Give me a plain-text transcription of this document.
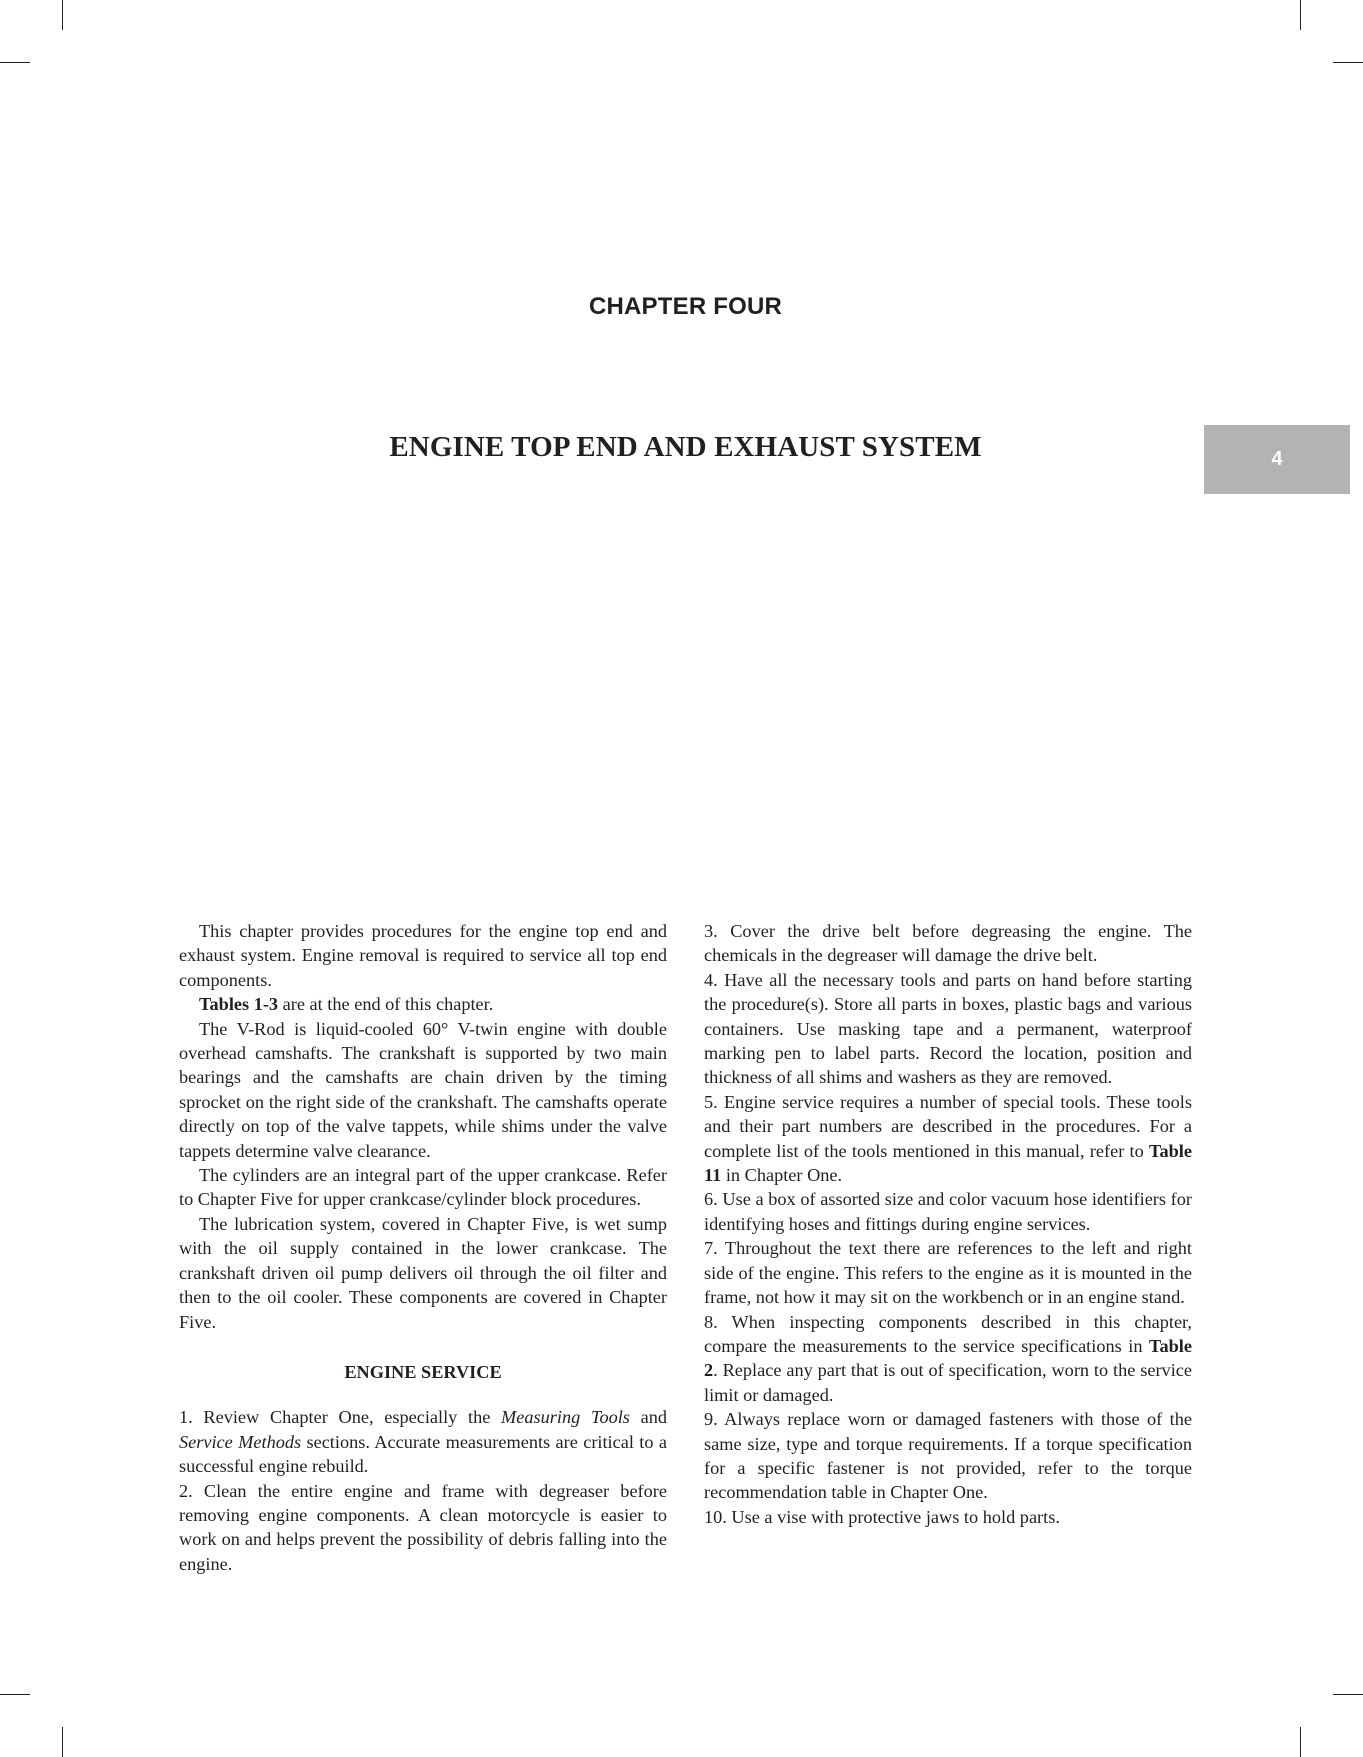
CHAPTER FOUR
ENGINE TOP END AND EXHAUST SYSTEM	4

This chapter provides procedures for the engine top end and exhaust system. Engine removal is required to service all top end components.

Tables 1-3 are at the end of this chapter.

The V-Rod is liquid-cooled 60° V-twin engine with double overhead camshafts. The crankshaft is supported by two main bearings and the camshafts are chain driven by the timing sprocket on the right side of the crankshaft. The camshafts operate directly on top of the valve tappets, while shims under the valve tappets determine valve clearance.

The cylinders are an integral part of the upper crankcase. Refer to Chapter Five for upper crankcase/cylinder block procedures.

The lubrication system, covered in Chapter Five, is wet sump with the oil supply contained in the lower crankcase. The crankshaft driven oil pump delivers oil through the oil filter and then to the oil cooler. These components are covered in Chapter Five.

ENGINE SERVICE

1. Review Chapter One, especially the Measuring Tools and Service Methods sections. Accurate measurements are critical to a successful engine rebuild.

2. Clean the entire engine and frame with degreaser before removing engine components. A clean motorcycle is easier to work on and helps prevent the possibility of debris falling into the engine.

3. Cover the drive belt before degreasing the engine. The chemicals in the degreaser will damage the drive belt.

4. Have all the necessary tools and parts on hand before starting the procedure(s). Store all parts in boxes, plastic bags and various containers. Use masking tape and a permanent, waterproof marking pen to label parts. Record the location, position and thickness of all shims and washers as they are removed.

5. Engine service requires a number of special tools. These tools and their part numbers are described in the procedures. For a complete list of the tools mentioned in this manual, refer to Table 11 in Chapter One.

6. Use a box of assorted size and color vacuum hose identifiers for identifying hoses and fittings during engine services.

7. Throughout the text there are references to the left and right side of the engine. This refers to the engine as it is mounted in the frame, not how it may sit on the workbench or in an engine stand.

8. When inspecting components described in this chapter, compare the measurements to the service specifications in Table 2. Replace any part that is out of specification, worn to the service limit or damaged.

9. Always replace worn or damaged fasteners with those of the same size, type and torque requirements. If a torque specification for a specific fastener is not provided, refer to the torque recommendation table in Chapter One.

10. Use a vise with protective jaws to hold parts.
